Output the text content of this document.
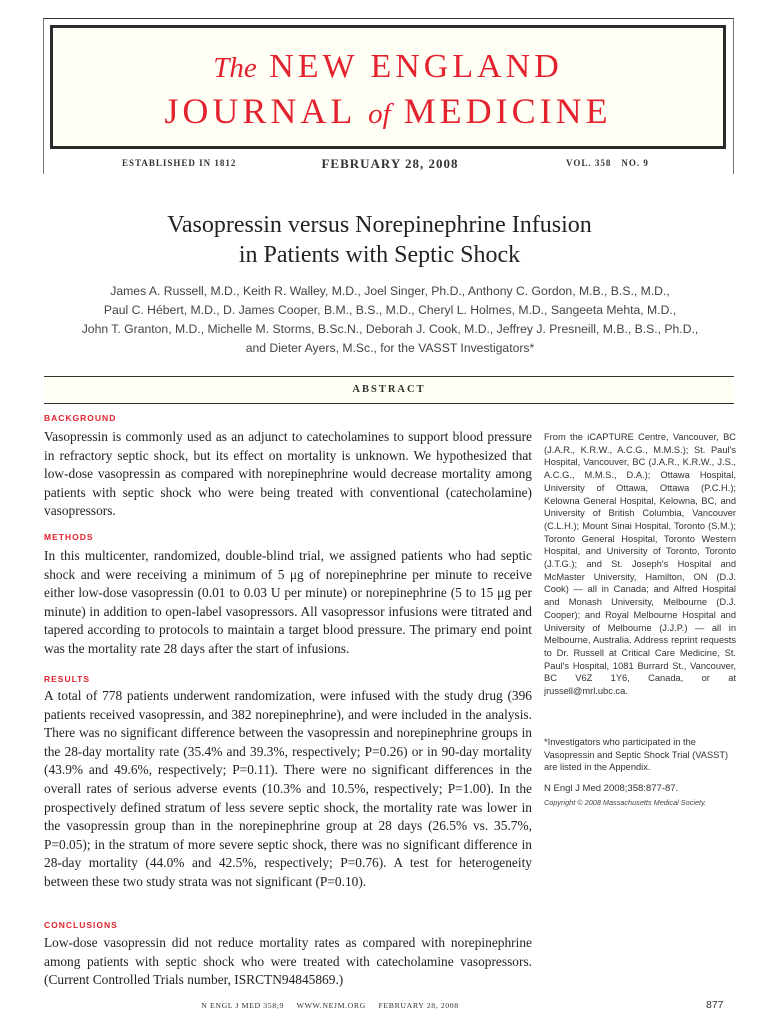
The NEW ENGLAND
JOURNAL of MEDICINE
ESTABLISHED IN 1812	FEBRUARY 28, 2008	VOL. 358 NO. 9
Vasopressin versus Norepinephrine Infusion
in Patients with Septic Shock
James A. Russell, M.D., Keith R. Walley, M.D., Joel Singer, Ph.D., Anthony C. Gordon, M.B., B.S., M.D.,
Paul C. Hébert, M.D., D. James Cooper, B.M., B.S., M.D., Cheryl L. Holmes, M.D., Sangeeta Mehta, M.D.,
John T. Granton, M.D., Michelle M. Storms, B.Sc.N., Deborah J. Cook, M.D., Jeffrey J. Presneill, M.B., B.S., Ph.D.,
and Dieter Ayers, M.Sc., for the VASST Investigators*
ABSTRACT
BACKGROUND
Vasopressin is commonly used as an adjunct to catecholamines to support blood pressure in refractory septic shock, but its effect on mortality is unknown. We hypothesized that low-dose vasopressin as compared with norepinephrine would decrease mortality among patients with septic shock who were being treated with conventional (catecholamine) vasopressors.
METHODS
In this multicenter, randomized, double-blind trial, we assigned patients who had septic shock and were receiving a minimum of 5 μg of norepinephrine per minute to receive either low-dose vasopressin (0.01 to 0.03 U per minute) or norepinephrine (5 to 15 μg per minute) in addition to open-label vasopressors. All vasopressor infusions were titrated and tapered according to protocols to maintain a target blood pressure. The primary end point was the mortality rate 28 days after the start of infusions.
RESULTS
A total of 778 patients underwent randomization, were infused with the study drug (396 patients received vasopressin, and 382 norepinephrine), and were included in the analysis. There was no significant difference between the vasopressin and norepinephrine groups in the 28-day mortality rate (35.4% and 39.3%, respectively; P=0.26) or in 90-day mortality (43.9% and 49.6%, respectively; P=0.11). There were no significant differences in the overall rates of serious adverse events (10.3% and 10.5%, respectively; P=1.00). In the prospectively defined stratum of less severe septic shock, the mortality rate was lower in the vasopressin group than in the norepinephrine group at 28 days (26.5% vs. 35.7%, P=0.05); in the stratum of more severe septic shock, there was no significant difference in 28-day mortality (44.0% and 42.5%, respectively; P=0.76). A test for heterogeneity between these two study strata was not significant (P=0.10).
CONCLUSIONS
Low-dose vasopressin did not reduce mortality rates as compared with norepinephrine among patients with septic shock who were treated with catecholamine vasopressors. (Current Controlled Trials number, ISRCTN94845869.)
From the iCAPTURE Centre, Vancouver, BC (J.A.R., K.R.W., A.C.G., M.M.S.); St. Paul's Hospital, Vancouver, BC (J.A.R., K.R.W., J.S., A.C.G., M.M.S., D.A.); Ottawa Hospital, University of Ottawa, Ottawa (P.C.H.); Kelowna General Hospital, Kelowna, BC, and University of British Columbia, Vancouver (C.L.H.); Mount Sinai Hospital, Toronto (S.M.); Toronto General Hospital, Toronto Western Hospital, and University of Toronto, Toronto (J.T.G.); and St. Joseph's Hospital and McMaster University, Hamilton, ON (D.J. Cook) — all in Canada; and Alfred Hospital and Monash University, Melbourne (D.J. Cooper); and Royal Melbourne Hospital and University of Melbourne (J.J.P.) — all in Melbourne, Australia. Address reprint requests to Dr. Russell at Critical Care Medicine, St. Paul's Hospital, 1081 Burrard St., Vancouver, BC V6Z 1Y6, Canada, or at jrussell@mrl.ubc.ca.
*Investigators who participated in the Vasopressin and Septic Shock Trial (VASST) are listed in the Appendix.
N Engl J Med 2008;358:877-87.
Copyright © 2008 Massachusetts Medical Society.
N ENGL J MED 358;9 WWW.NEJM.ORG FEBRUARY 28, 2008	877
